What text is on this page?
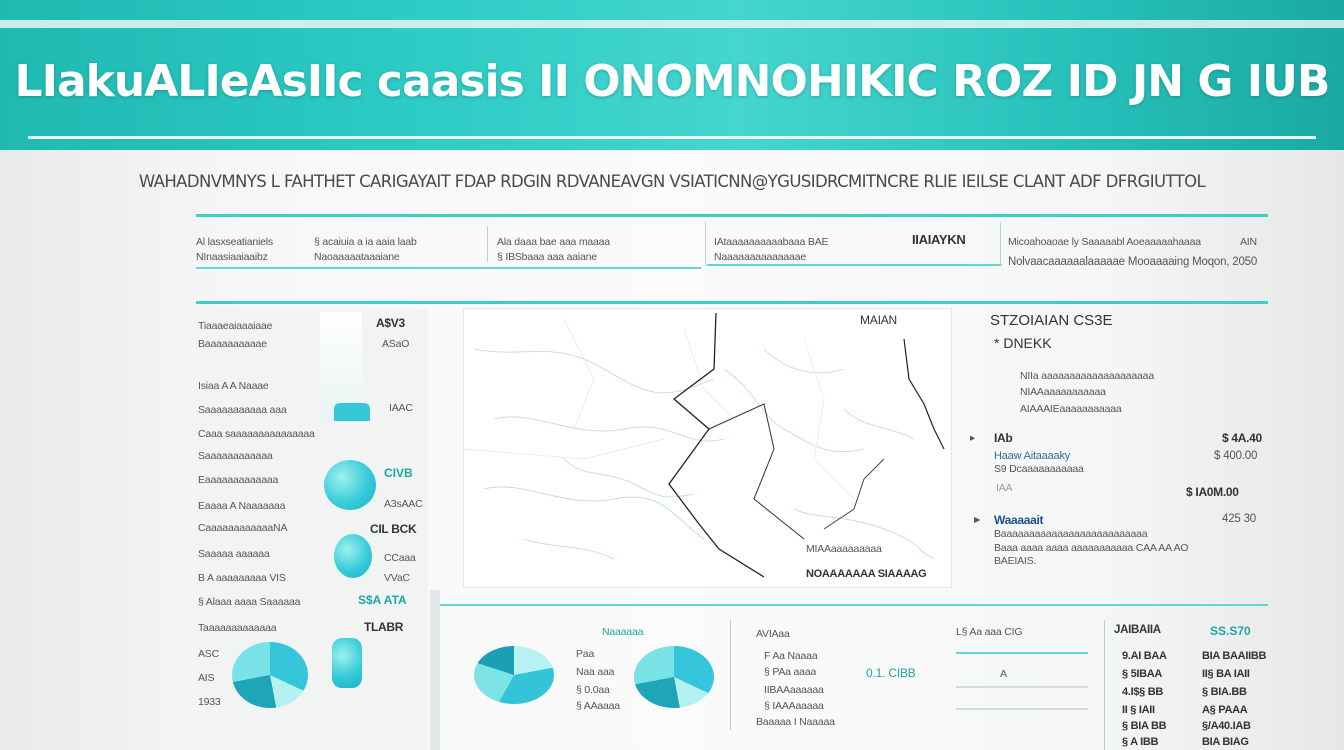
LIakuALIeAsIIc caasis II ONOMNOHIKIC ROZ ID JN G IUB
WAHADNVMNYS L FAHTHET CARIGAYAIT FDAP RDGIN RDVANEAVGN VSIATICNN@YGUSIDRCMITNCRE RLIE IEILSE CLANT ADF DFRGIUTTOL
Al lasxseatianiels
NInaasiaaiaaibz
§ acaiuia a ia aaia laab
Naoaaaaataaaiane
Ala daaa bae aaa maaaa
§ IBSbaaa aaa aaiane
IAtaaaaaaaaaabaaa BAE
Naaaaaaaaaaaaaae
IIAIAYKN	Micoahoaoae ly Saaaaabl Aoeaaaaahaaaa	AIN
Nolvaacaaaaaalaaaaae Mooaaaaing Moqon, 2050
Tiaaaeaiaaaiaae	A$V3
Baaaaaaaaaae	ASaO
Isiaa A A Naaae
Saaaaaaaaaaa aaa	IAAC
Caaa saaaaaaaaaaaaaaa
Saaaaaaaaaaaa
Eaaaaaaaaaaaaa	CIVB
Eaaaa A Naaaaaaa	A3sAAC
CaaaaaaaaaaaaNA	CIL BCK
Saaaaa aaaaaa	CCaaa
B A aaaaaaaaa VIS	VVaC
§ Alaaa aaaa Saaaaaa	S$A ATA
Taaaaaaaaaaaaa	TLABR
ASC
AIS
1933
MAIAN
MIAAaaaaaaaaa
NOAAAAAAA SIAAAAG
STZOIAIAN CS3E
* DNEKK
NIIa aaaaaaaaaaaaaaaaaaaa
NIAAaaaaaaaaaaa
AIAAAIEaaaaaaaaaaa
▸ IAb	$ 4A.40
Haaw Aitaaaaky	$ 400.00
S9 Dcaaaaaaaaaaa
IAA	$ IA0M.00
► Waaaaait	425 30
Baaaaaaaaaaaaaaaaaaaaaaaaaa
Baaa aaaa aaaa aaaaaaaaaaa CAA AA AO
BAEIAIS.
Naaaaaa
Paa
Naa aaa
§ 0.0aa
§ AAaaaa
AVIAaa
F Aa Naaaa
§ PAa aaaa
IIBAAaaaaaa
§ IAAAaaaaa
Baaaaa I Naaaaa
0.1. CIBB
L§ Aa aaa CIG
A
JAIBAIIA	SS.S70
9.AI BAA	BIA BAAIIBB
§ 5IBAA	II§ BA IAII
4.I$§ BB	§ BIA.BB
II § IAII	A§ PAAA
§ BIA BB	§/A40.IAB
§ A IBB	BIA BIAG
